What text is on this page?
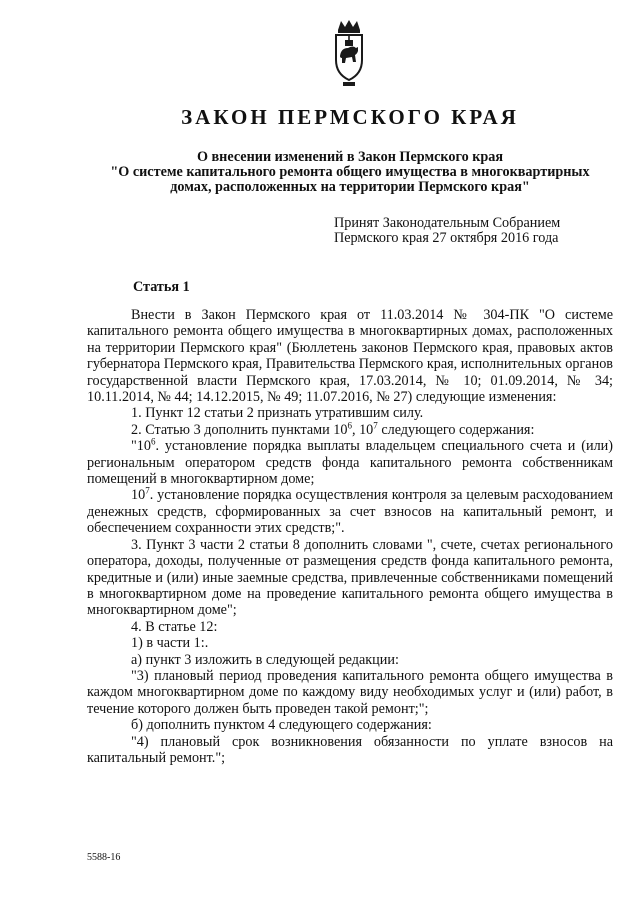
ЗАКОН ПЕРМСКОГО КРАЯ
О внесении изменений в Закон Пермского края
"О системе капитального ремонта общего имущества в многоквартирных
домах, расположенных на территории Пермского края"
Принят Законодательным Собранием
Пермского края 27 октября 2016 года
Статья 1

Внести в Закон Пермского края от 11.03.2014 № 304-ПК "О системе капитального ремонта общего имущества в многоквартирных домах, расположенных на территории Пермского края" (Бюллетень законов Пермского края, правовых актов губернатора Пермского края, Правительства Пермского края, исполнительных органов государственной власти Пермского края, 17.03.2014, № 10; 01.09.2014, № 34; 10.11.2014, № 44; 14.12.2015, № 49; 11.07.2016, № 27) следующие изменения:

1. Пункт 12 статьи 2 признать утратившим силу.

2. Статью 3 дополнить пунктами $10^6$, $10^7$ следующего содержания:

"$10^6$. установление порядка выплаты владельцем специального счета и (или) региональным оператором средств фонда капитального ремонта собственникам помещений в многоквартирном доме;

$10^7$. установление порядка осуществления контроля за целевым расходованием денежных средств, сформированных за счет взносов на капитальный ремонт, и обеспечением сохранности этих средств;".

3. Пункт 3 части 2 статьи 8 дополнить словами ", счете, счетах регионального оператора, доходы, полученные от размещения средств фонда капитального ремонта, кредитные и (или) иные заемные средства, привлеченные собственниками помещений в многоквартирном доме на проведение капитального ремонта общего имущества в многоквартирном доме";

4. В статье 12:

1) в части 1:.

а) пункт 3 изложить в следующей редакции:

"3) плановый период проведения капитального ремонта общего имущества в каждом многоквартирном доме по каждому виду необходимых услуг и (или) работ, в течение которого должен быть проведен такой ремонт;";

б) дополнить пунктом 4 следующего содержания:

"4) плановый срок возникновения обязанности по уплате взносов на капитальный ремонт.";

5588-16
